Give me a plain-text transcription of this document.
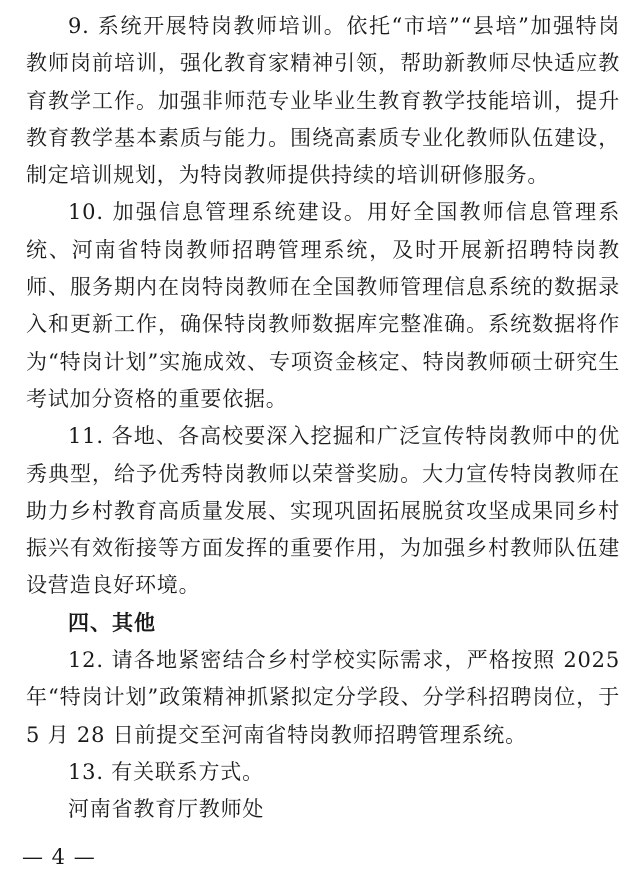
9. 系统开展特岗教师培训。依托“市培”“县培”加强特岗教师岗前培训，强化教育家精神引领，帮助新教师尽快适应教育教学工作。加强非师范专业毕业生教育教学技能培训，提升教育教学基本素质与能力。围绕高素质专业化教师队伍建设，制定培训规划，为特岗教师提供持续的培训研修服务。

10. 加强信息管理系统建设。用好全国教师信息管理系统、河南省特岗教师招聘管理系统，及时开展新招聘特岗教师、服务期内在岗特岗教师在全国教师管理信息系统的数据录入和更新工作，确保特岗教师数据库完整准确。系统数据将作为“特岗计划”实施成效、专项资金核定、特岗教师硕士研究生考试加分资格的重要依据。

11. 各地、各高校要深入挖掘和广泛宣传特岗教师中的优秀典型，给予优秀特岗教师以荣誉奖励。大力宣传特岗教师在助力乡村教育高质量发展、实现巩固拓展脱贫攻坚成果同乡村振兴有效衔接等方面发挥的重要作用，为加强乡村教师队伍建设营造良好环境。

四、其他

12. 请各地紧密结合乡村学校实际需求，严格按照 2025 年“特岗计划”政策精神抓紧拟定分学段、分学科招聘岗位，于 5 月 28 日前提交至河南省特岗教师招聘管理系统。

13. 有关联系方式。

河南省教育厅教师处

— 4 —
